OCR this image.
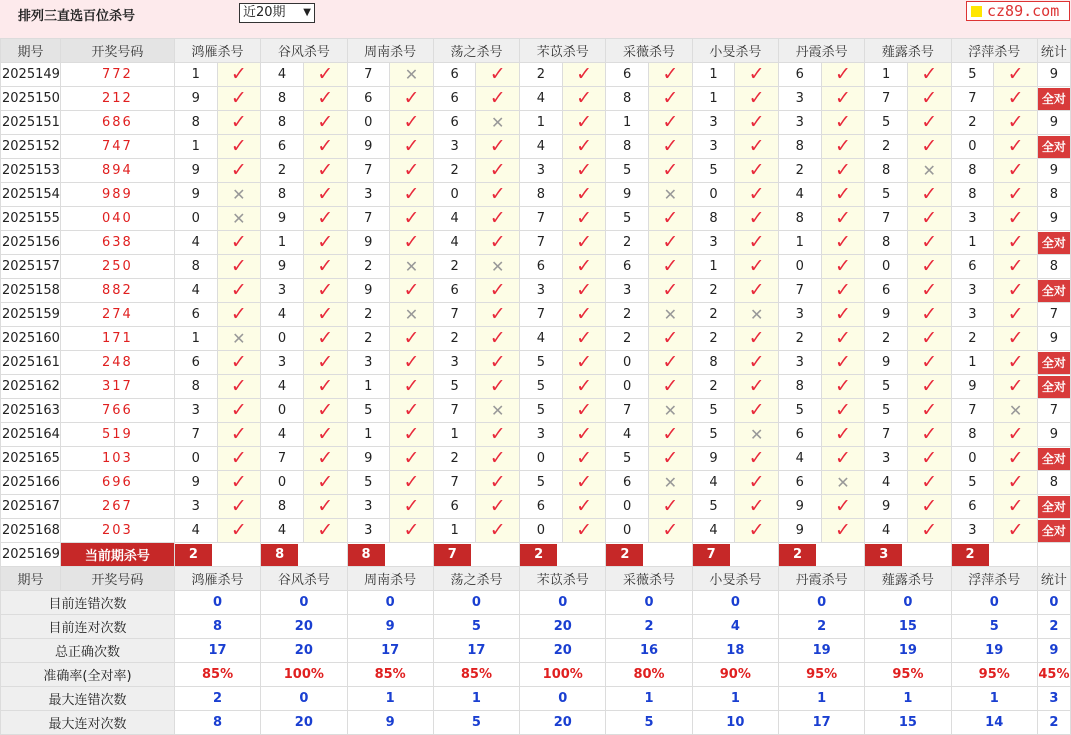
排列三直选百位杀号	近20期 ▼	cz89.com
期号	开奖号码	鸿雁杀号		谷风杀号		周南杀号		荡之杀号		芣苡杀号		采薇杀号		小旻杀号		丹霞杀号		薤露杀号		浮萍杀号		统计
2025149	772	1	✓	4	✓	7	✕	6	✓	2	✓	6	✓	1	✓	6	✓	1	✓	5	✓	9
2025150	212	9	✓	8	✓	6	✓	6	✓	4	✓	8	✓	1	✓	3	✓	7	✓	7	✓	全对

2025151	686	8	✓	8	✓	0	✓	6	✕	1	✓	1	✓	3	✓	3	✓	5	✓	2	✓	9
2025152	747	1	✓	6	✓	9	✓	3	✓	4	✓	8	✓	3	✓	8	✓	2	✓	0	✓	全对

2025153	894	9	✓	2	✓	7	✓	2	✓	3	✓	5	✓	5	✓	2	✓	8	✕	8	✓	9
2025154	989	9	✕	8	✓	3	✓	0	✓	8	✓	9	✕	0	✓	4	✓	5	✓	8	✓	8
2025155	040	0	✕	9	✓	7	✓	4	✓	7	✓	5	✓	8	✓	8	✓	7	✓	3	✓	9
2025156	638	4	✓	1	✓	9	✓	4	✓	7	✓	2	✓	3	✓	1	✓	8	✓	1	✓	全对

2025157	250	8	✓	9	✓	2	✕	2	✕	6	✓	6	✓	1	✓	0	✓	0	✓	6	✓	8
2025158	882	4	✓	3	✓	9	✓	6	✓	3	✓	3	✓	2	✓	7	✓	6	✓	3	✓	全对

2025159	274	6	✓	4	✓	2	✕	7	✓	7	✓	2	✕	2	✕	3	✓	9	✓	3	✓	7
2025160	171	1	✕	0	✓	2	✓	2	✓	4	✓	2	✓	2	✓	2	✓	2	✓	2	✓	9
2025161	248	6	✓	3	✓	3	✓	3	✓	5	✓	0	✓	8	✓	3	✓	9	✓	1	✓	全对

2025162	317	8	✓	4	✓	1	✓	5	✓	5	✓	0	✓	2	✓	8	✓	5	✓	9	✓	全对

2025163	766	3	✓	0	✓	5	✓	7	✕	5	✓	7	✕	5	✓	5	✓	5	✓	7	✕	7
2025164	519	7	✓	4	✓	1	✓	1	✓	3	✓	4	✓	5	✕	6	✓	7	✓	8	✓	9
2025165	103	0	✓	7	✓	9	✓	2	✓	0	✓	5	✓	9	✓	4	✓	3	✓	0	✓	全对

2025166	696	9	✓	0	✓	5	✓	7	✓	5	✓	6	✕	4	✓	6	✕	4	✓	5	✓	8
2025167	267	3	✓	8	✓	3	✓	6	✓	6	✓	0	✓	5	✓	9	✓	9	✓	6	✓	全对

2025168	203	4	✓	4	✓	3	✓	1	✓	0	✓	0	✓	4	✓	9	✓	4	✓	3	✓	全对

2025169	当前期杀号	2		8		8		7		2		2		7		2		3		2		

期号	开奖号码	鸿雁杀号		谷风杀号		周南杀号		荡之杀号		芣苡杀号		采薇杀号		小旻杀号		丹霞杀号		薤露杀号		浮萍杀号		统计
目前连错次数		0		0		0		0		0		0		0		0		0		0		0
目前连对次数		8		20		9		5		20		2		4		2		15		5		2
总正确次数		17		20		17		17		20		16		18		19		19		19		9
准确率(全对率)		85%		100%		85%		85%		100%		80%		90%		95%		95%		95%		45%
最大连错次数		2		0		1		1		0		1		1		1		1		1		3
最大连对次数		8		20		9		5		20		5		10		17		15		14		2
